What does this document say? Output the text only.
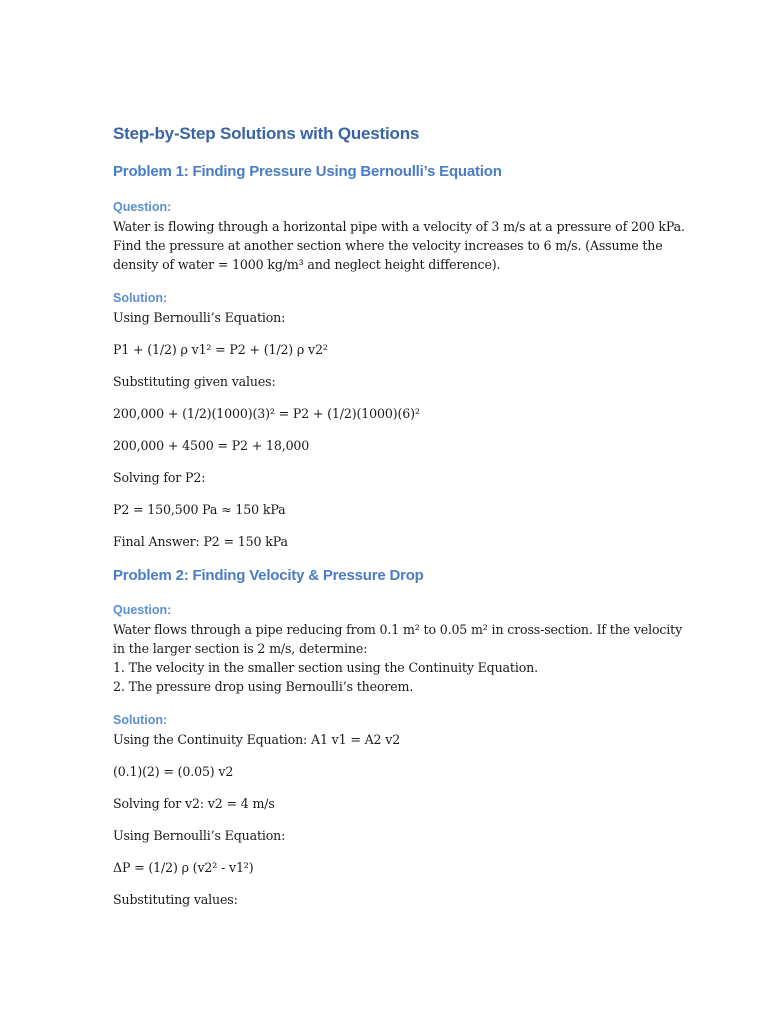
Step-by-Step Solutions with Questions
Problem 1: Finding Pressure Using Bernoulli’s Equation
Question:
Water is flowing through a horizontal pipe with a velocity of 3 m/s at a pressure of 200 kPa.
Find the pressure at another section where the velocity increases to 6 m/s. (Assume the
density of water = 1000 kg/m³ and neglect height difference).
Solution:
Using Bernoulli’s Equation:
P1 + (1/2) ρ v1² = P2 + (1/2) ρ v2²
Substituting given values:
200,000 + (1/2)(1000)(3)² = P2 + (1/2)(1000)(6)²
200,000 + 4500 = P2 + 18,000
Solving for P2:
P2 = 150,500 Pa ≈ 150 kPa
Final Answer: P2 = 150 kPa
Problem 2: Finding Velocity & Pressure Drop
Question:
Water flows through a pipe reducing from 0.1 m² to 0.05 m² in cross-section. If the velocity
in the larger section is 2 m/s, determine:
1. The velocity in the smaller section using the Continuity Equation.
2. The pressure drop using Bernoulli’s theorem.
Solution:
Using the Continuity Equation: A1 v1 = A2 v2
(0.1)(2) = (0.05) v2
Solving for v2: v2 = 4 m/s
Using Bernoulli’s Equation:
ΔP = (1/2) ρ (v2² - v1²)
Substituting values:
